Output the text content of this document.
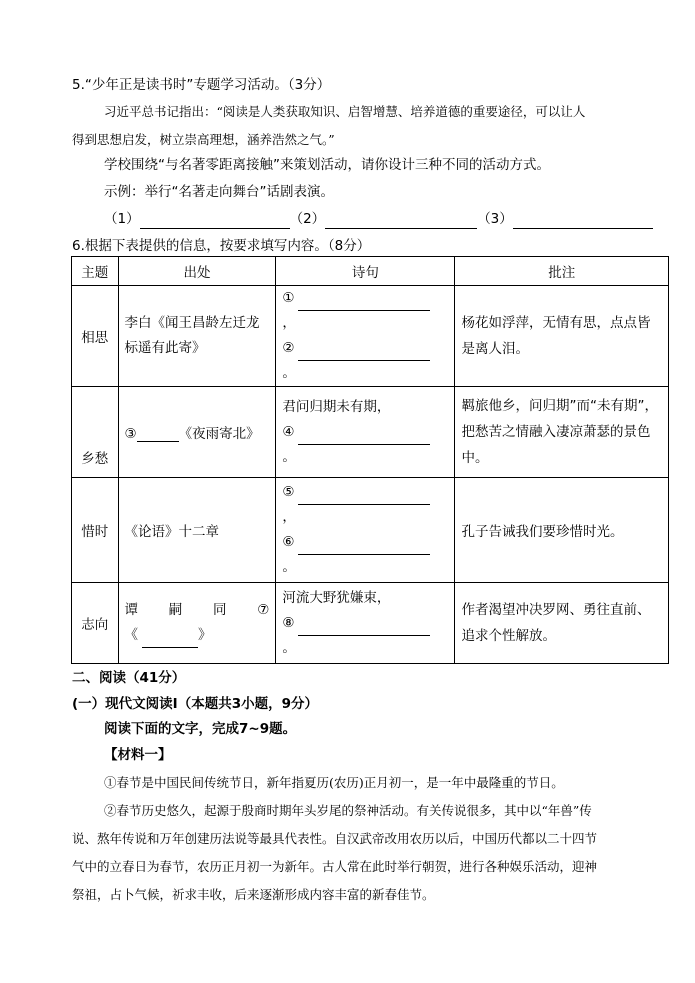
5.“少年正是读书时”专题学习活动。（3分）
习近平总书记指出：“阅读是人类获取知识、启智增慧、培养道德的重要途径，可以让人
得到思想启发，树立崇高理想，涵养浩然之气。”
学校围绕“与名著零距离接触”来策划活动，请你设计三种不同的活动方式。
示例：举行“名著走向舞台”话剧表演。
（1）	（2）	（3）
6.根据下表提供的信息，按要求填写内容。（8分）
主题	出处	诗句	批注
相思	李白《闻王昌龄左迁龙标遥有此寄》	①
，
②
。	杨花如浮萍，无情有思，点点皆是离人泪。
乡愁	③ 《夜雨寄北》	君问归期未有期，
④
。	羁旅他乡，问归期”而“未有期”，把愁苦之情融入凄凉萧瑟的景色中。
惜时	《论语》十二章	⑤
，
⑥
。	孔子告诫我们要珍惜时光。
志向	谭 嗣 同 ⑦
《 》	河流大野犹嫌束，
⑧
。	作者渴望冲决罗网、勇往直前、追求个性解放。
二、阅读（41分）
(一）现代文阅读Ⅰ（本题共3小题，9分）
阅读下面的文字，完成7~9题。
【材料一】
①春节是中国民间传统节日，新年指夏历(农历)正月初一，是一年中最隆重的节日。
②春节历史悠久，起源于殷商时期年头岁尾的祭神活动。有关传说很多，其中以“年兽”传
说、熬年传说和万年创建历法说等最具代表性。自汉武帝改用农历以后，中国历代都以二十四节
气中的立春日为春节，农历正月初一为新年。古人常在此时举行朝贺，进行各种娱乐活动，迎神
祭祖，占卜气候，祈求丰收，后来逐渐形成内容丰富的新春佳节。
